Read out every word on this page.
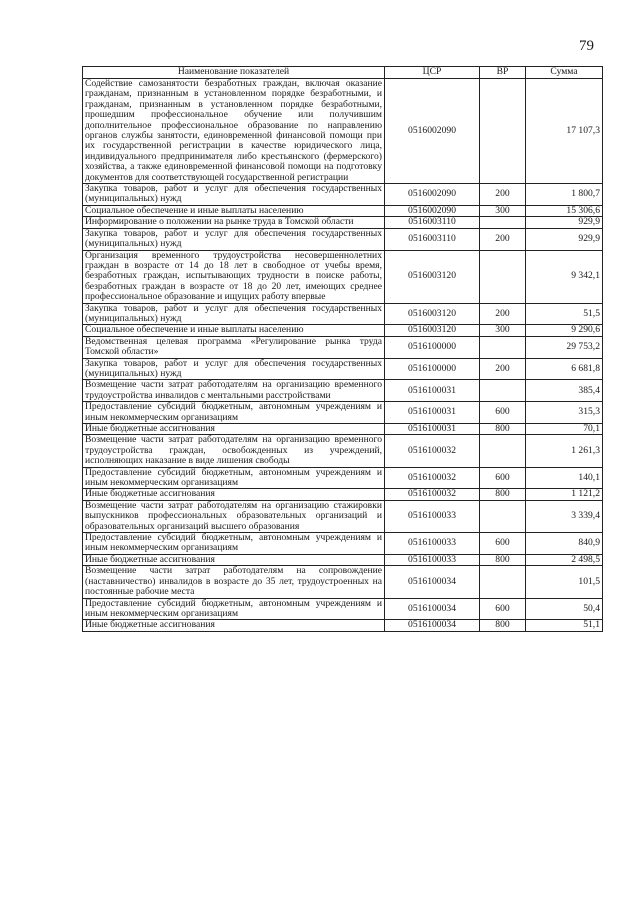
79
Наименование показателей	ЦСР	ВР	Сумма
Содействие самозанятости безработных граждан, включая оказание гражданам, признанным в установленном порядке безработными, и гражданам, признанным в установленном порядке безработными, прошедшим профессиональное обучение или получившим дополнительное профессиональное образование по направлению органов службы занятости, единовременной финансовой помощи при их государственной регистрации в качестве юридического лица, индивидуального предпринимателя либо крестьянского (фермерского) хозяйства, а также единовременной финансовой помощи на подготовку документов для соответствующей государственной регистрации	0516002090		17 107,3
Закупка товаров, работ и услуг для обеспечения государственных (муниципальных) нужд	0516002090	200	1 800,7
Социальное обеспечение и иные выплаты населению	0516002090	300	15 306,6
Информирование о положении на рынке труда в Томской области	0516003110		929,9
Закупка товаров, работ и услуг для обеспечения государственных (муниципальных) нужд	0516003110	200	929,9
Организация временного трудоустройства несовершеннолетних граждан в возрасте от 14 до 18 лет в свободное от учебы время, безработных граждан, испытывающих трудности в поиске работы, безработных граждан в возрасте от 18 до 20 лет, имеющих среднее профессиональное образование и ищущих работу впервые	0516003120		9 342,1
Закупка товаров, работ и услуг для обеспечения государственных (муниципальных) нужд	0516003120	200	51,5
Социальное обеспечение и иные выплаты населению	0516003120	300	9 290,6
Ведомственная целевая программа «Регулирование рынка труда Томской области»	0516100000		29 753,2
Закупка товаров, работ и услуг для обеспечения государственных (муниципальных) нужд	0516100000	200	6 681,8
Возмещение части затрат работодателям на организацию временного трудоустройства инвалидов с ментальными расстройствами	0516100031		385,4
Предоставление субсидий бюджетным, автономным учреждениям и иным некоммерческим организациям	0516100031	600	315,3
Иные бюджетные ассигнования	0516100031	800	70,1
Возмещение части затрат работодателям на организацию временного трудоустройства граждан, освобожденных из учреждений, исполняющих наказание в виде лишения свободы	0516100032		1 261,3
Предоставление субсидий бюджетным, автономным учреждениям и иным некоммерческим организациям	0516100032	600	140,1
Иные бюджетные ассигнования	0516100032	800	1 121,2
Возмещение части затрат работодателям на организацию стажировки выпускников профессиональных образовательных организаций и образовательных организаций высшего образования	0516100033		3 339,4
Предоставление субсидий бюджетным, автономным учреждениям и иным некоммерческим организациям	0516100033	600	840,9
Иные бюджетные ассигнования	0516100033	800	2 498,5
Возмещение части затрат работодателям на сопровождение (наставничество) инвалидов в возрасте до 35 лет, трудоустроенных на постоянные рабочие места	0516100034		101,5
Предоставление субсидий бюджетным, автономным учреждениям и иным некоммерческим организациям	0516100034	600	50,4
Иные бюджетные ассигнования	0516100034	800	51,1
